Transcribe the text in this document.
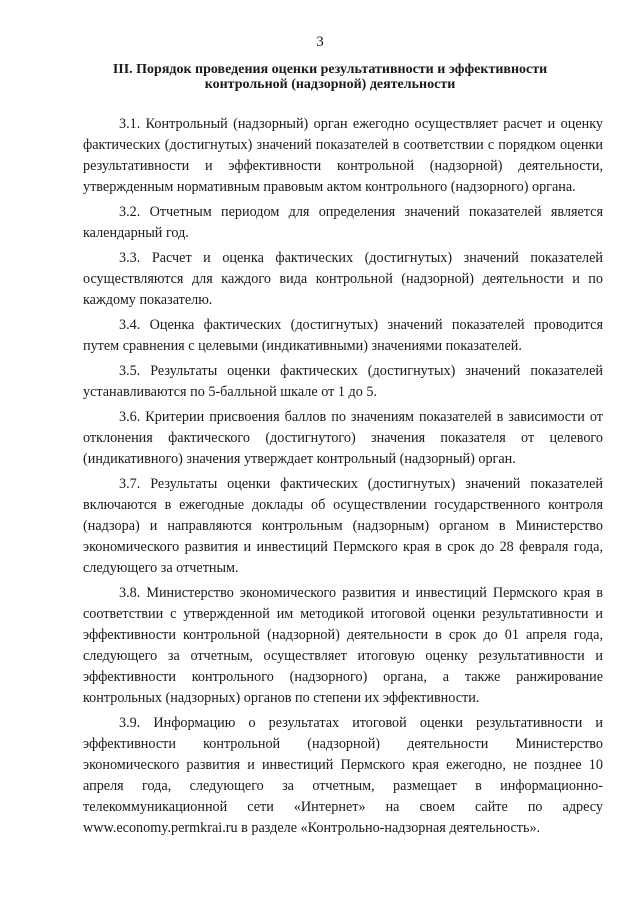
3
III. Порядок проведения оценки результативности и эффективности контрольной (надзорной) деятельности

3.1. Контрольный (надзорный) орган ежегодно осуществляет расчет и оценку фактических (достигнутых) значений показателей в соответствии с порядком оценки результативности и эффективности контрольной (надзорной) деятельности, утвержденным нормативным правовым актом контрольного (надзорного) органа.

3.2. Отчетным периодом для определения значений показателей является календарный год.

3.3. Расчет и оценка фактических (достигнутых) значений показателей осуществляются для каждого вида контрольной (надзорной) деятельности и по каждому показателю.

3.4. Оценка фактических (достигнутых) значений показателей проводится путем сравнения с целевыми (индикативными) значениями показателей.

3.5. Результаты оценки фактических (достигнутых) значений показателей устанавливаются по 5-балльной шкале от 1 до 5.

3.6. Критерии присвоения баллов по значениям показателей в зависимости от отклонения фактического (достигнутого) значения показателя от целевого (индикативного) значения утверждает контрольный (надзорный) орган.

3.7. Результаты оценки фактических (достигнутых) значений показателей включаются в ежегодные доклады об осуществлении государственного контроля (надзора) и направляются контрольным (надзорным) органом в Министерство экономического развития и инвестиций Пермского края в срок до 28 февраля года, следующего за отчетным.

3.8. Министерство экономического развития и инвестиций Пермского края в соответствии с утвержденной им методикой итоговой оценки результативности и эффективности контрольной (надзорной) деятельности в срок до 01 апреля года, следующего за отчетным, осуществляет итоговую оценку результативности и эффективности контрольного (надзорного) органа, а также ранжирование контрольных (надзорных) органов по степени их эффективности.

3.9. Информацию о результатах итоговой оценки результативности и эффективности контрольной (надзорной) деятельности Министерство экономического развития и инвестиций Пермского края ежегодно, не позднее 10 апреля года, следующего за отчетным, размещает в информационно-телекоммуникационной сети «Интернет» на своем сайте по адресу www.economy.permkrai.ru в разделе «Контрольно-надзорная деятельность».
